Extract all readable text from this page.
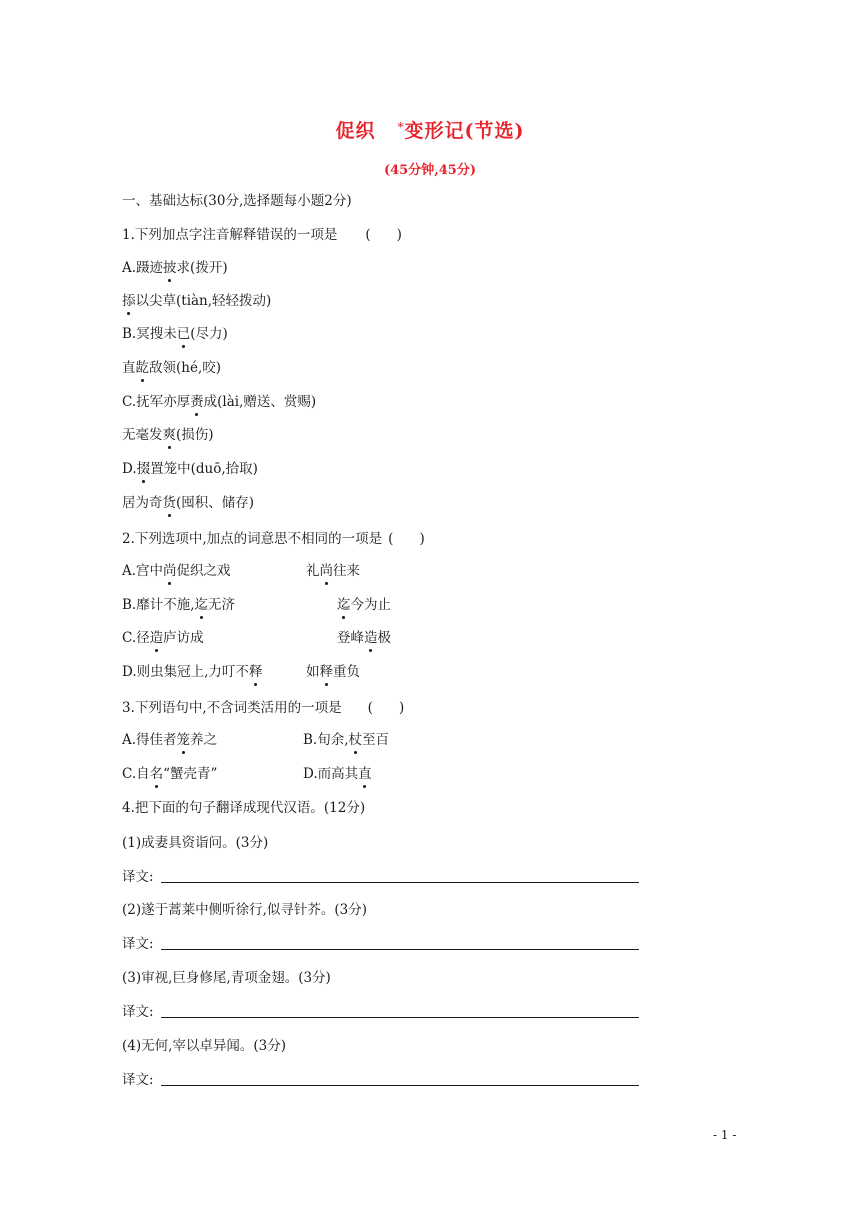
促织 *变形记(节选)
(45分钟,45分)
一、基础达标(30分,选择题每小题2分)
1.下列加点字注音解释错误的一项是 ( )
A.蹑迹披求(拨开)
掭以尖草(tiàn,轻轻拨动)
B.冥搜未已(尽力)
直龁敌领(hé,咬)
C.抚军亦厚赉成(lài,赠送、赏赐)
无毫发爽(损伤)
D.掇置笼中(duō,拾取)
居为奇货(囤积、储存)
2.下列选项中,加点的词意思不相同的一项是 ( )
A.宫中尚促织之戏	礼尚往来
B.靡计不施,迄无济	迄今为止
C.径造庐访成	登峰造极
D.则虫集冠上,力叮不释	如释重负
3.下列语句中,不含词类活用的一项是 ( )
A.得佳者笼养之	B.旬余,杖至百
C.自名“蟹壳青”	D.而高其直
4.把下面的句子翻译成现代汉语。(12分)
(1)成妻具资诣问。(3分)
译文:
(2)遂于蒿莱中侧听徐行,似寻针芥。(3分)
译文:
(3)审视,巨身修尾,青项金翅。(3分)
译文:
(4)无何,宰以卓异闻。(3分)
译文:
- 1 -
